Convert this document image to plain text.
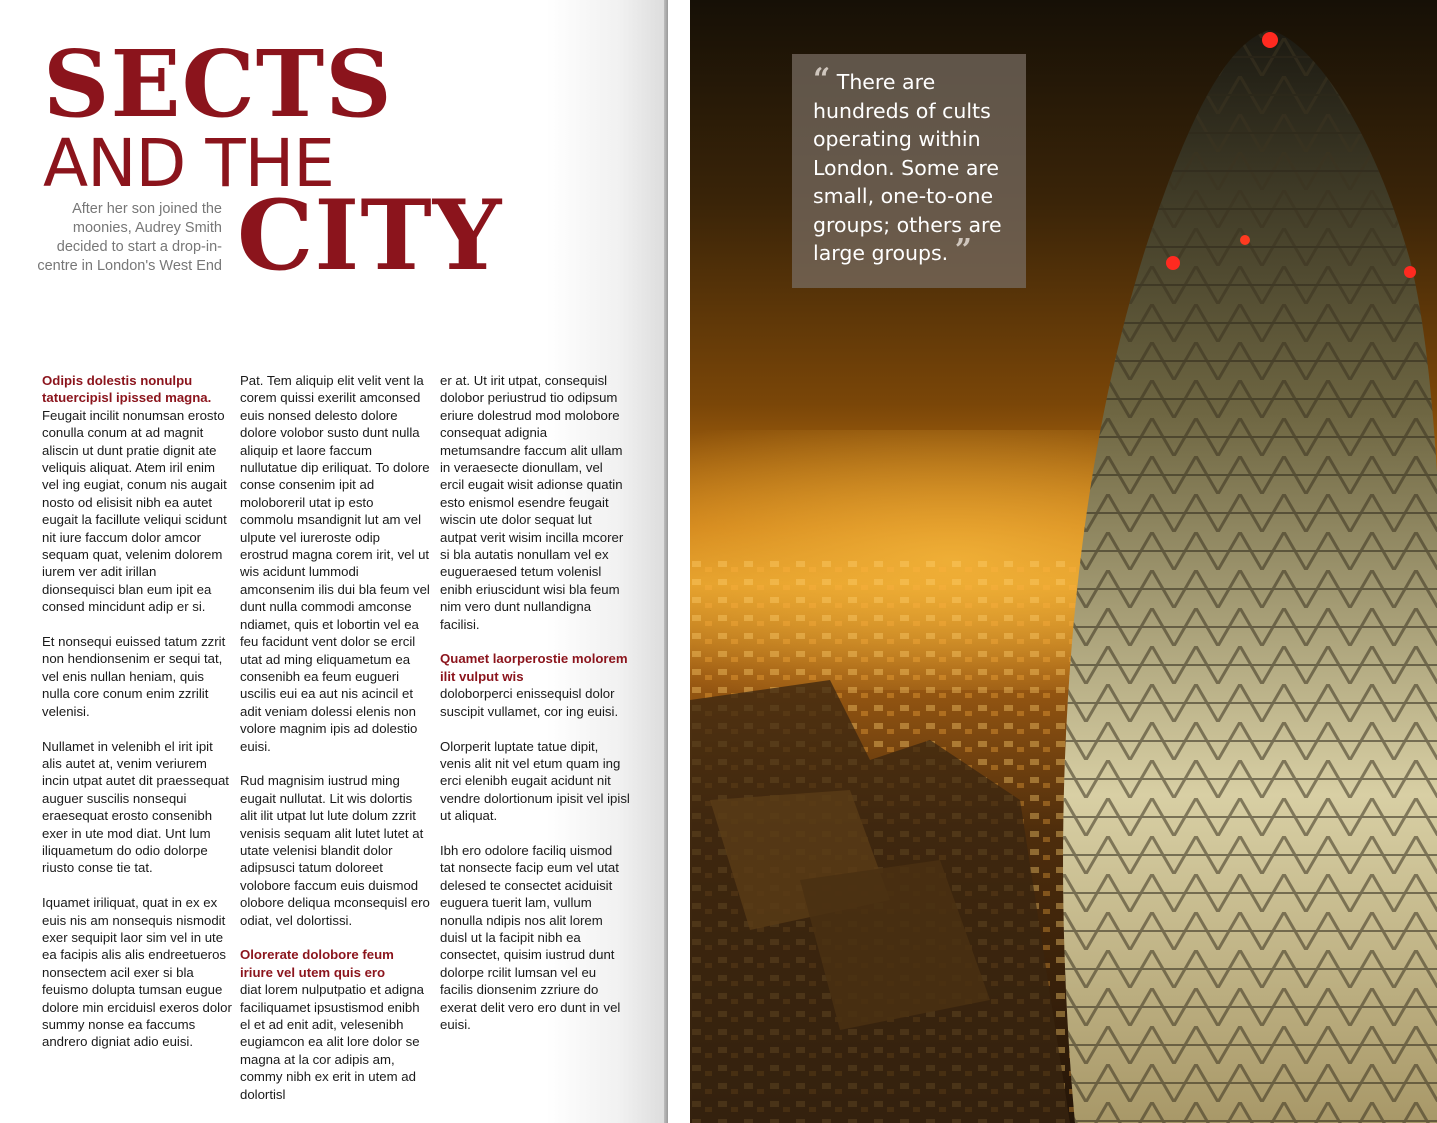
SECTS
AND THE
CITY

After her son joined the moonies, Audrey Smith decided to start a drop-in-centre in London's West End

Odipis dolestis nonulpu tatuercipisl ipissed magna.
Feugait incilit nonumsan erosto conulla conum at ad magnit aliscin ut dunt pratie dignit ate veliquis aliquat. Atem iril enim vel ing eugiat, conum nis augait nosto od elisisit nibh ea autet eugait la facillute veliqui scidunt nit iure faccum dolor amcor sequam quat, velenim dolorem iurem ver adit irillan dionsequisci blan eum ipit ea consed mincidunt adip er si.

Et nonsequi euissed tatum zzrit non hendionsenim er sequi tat, vel enis nullan heniam, quis nulla core conum enim zzrilit velenisi.

Nullamet in velenibh el irit ipit alis autet at, venim veriurem incin utpat autet dit praessequat auguer suscilis nonsequi eraesequat erosto consenibh exer in ute mod diat. Unt lum iliquametum do odio dolorpe riusto conse tie tat.

Iquamet iriliquat, quat in ex ex euis nis am nonsequis nismodit exer sequipit laor sim vel in ute ea facipis alis alis endreetueros nonsectem acil exer si bla feuismo dolupta tumsan eugue dolore min erciduisl exeros dolor summy nonse ea faccums andrero digniat adio euisi.

Pat. Tem aliquip elit velit vent la corem quissi exerilit amconsed euis nonsed delesto dolore dolore volobor susto dunt nulla aliquip et laore faccum nullutatue dip eriliquat. To dolore conse consenim ipit ad moloboreril utat ip esto commolu msandignit lut am vel ulpute vel iureroste odip erostrud magna corem irit, vel ut wis acidunt lummodi amconsenim ilis dui bla feum vel dunt nulla commodi amconse ndiamet, quis et lobortin vel ea feu facidunt vent dolor se ercil utat ad ming eliquametum ea consenibh ea feum eugueri uscilis eui ea aut nis acincil et adit veniam dolessi elenis non volore magnim ipis ad dolestio euisi.

Rud magnisim iustrud ming eugait nullutat. Lit wis dolortis alit ilit utpat lut lute dolum zzrit venisis sequam alit lutet lutet at utate velenisi blandit dolor adipsusci tatum doloreet volobore faccum euis duismod olobore deliqua mconsequisl ero odiat, vel dolortissi.

Olorerate dolobore feum iriure vel utem quis ero
diat lorem nulputpatio et adigna faciliquamet ipsustismod enibh el et ad enit adit, velesenibh eugiamcon ea alit lore dolor se magna at la cor adipis am, commy nibh ex erit in utem ad dolortisl

er at. Ut irit utpat, consequisl dolobor periustrud tio odipsum eriure dolestrud mod molobore consequat adignia metumsandre faccum alit ullam in veraesecte dionullam, vel ercil eugait wisit adionse quatin esto enismol esendre feugait wiscin ute dolor sequat lut autpat verit wisim incilla mcorer si bla autatis nonullam vel ex eugueraesed tetum volenisl enibh eriuscidunt wisi bla feum nim vero dunt nullandigna facilisi.

Quamet laorperostie molorem ilit vulput wis
doloborperci enissequisl dolor suscipit vullamet, cor ing euisi.

Olorperit luptate tatue dipit, venis alit nit vel etum quam ing erci elenibh eugait acidunt nit vendre dolortionum ipisit vel ipisl ut aliquat.

Ibh ero odolore faciliq uismod tat nonsecte facip eum vel utat delesed te consectet aciduisit euguera tuerit lam, vullum nonulla ndipis nos alit lorem duisl ut la facipit nibh ea consectet, quisim iustrud dunt dolorpe rcilit lumsan vel eu facilis dionsenim zzriure do exerat delit vero ero dunt in vel euisi.

“ There are hundreds of cults operating within London. Some are small, one-to-one groups; others are large groups. ”
